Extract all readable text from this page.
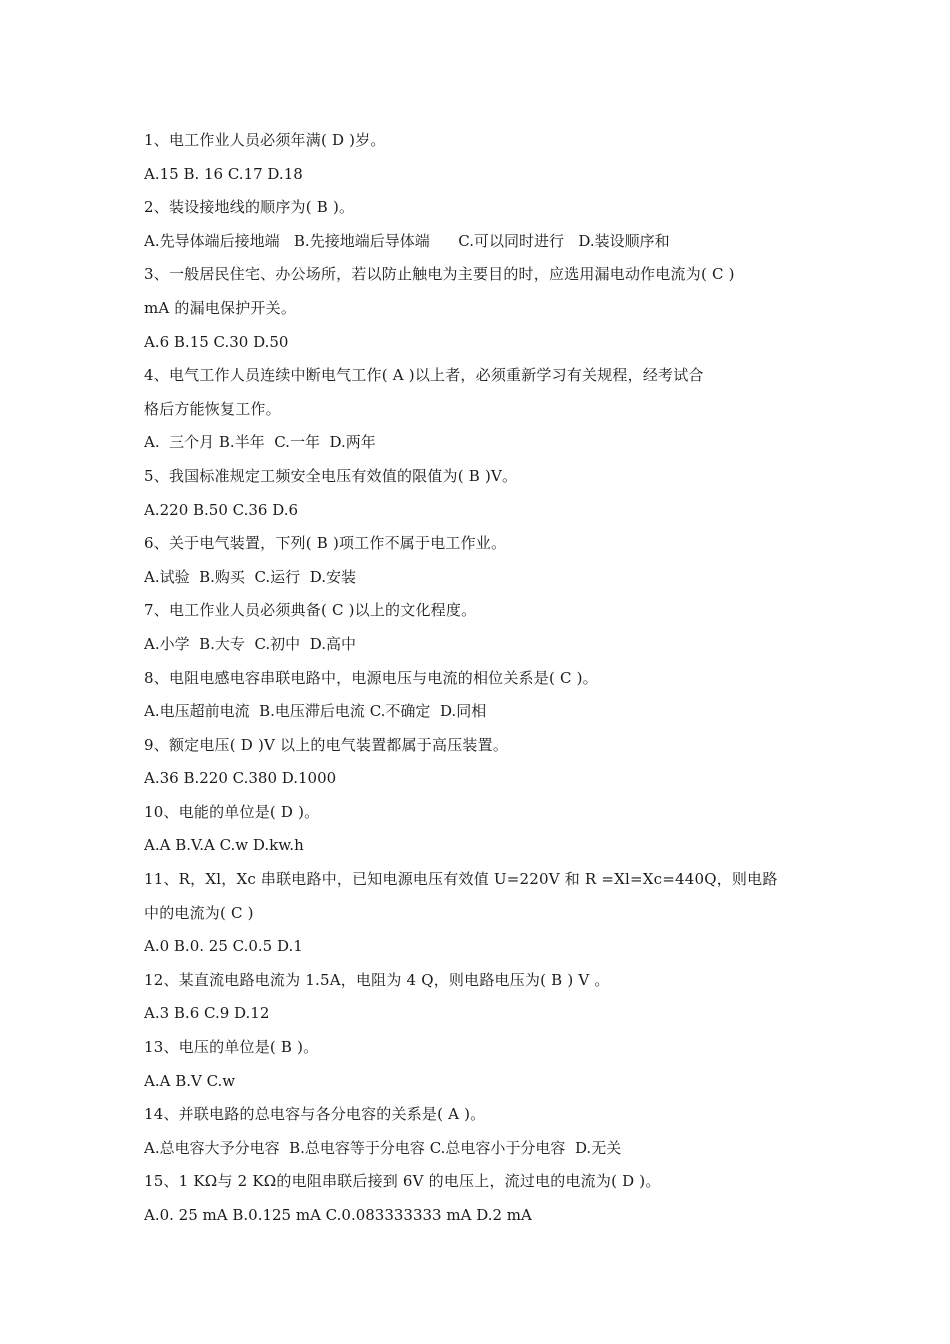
1、电工作业人员必须年满( D )岁。

A.15 B. 16 C.17 D.18

2、装设接地线的顺序为( B )。

A.先导体端后接地端   B.先接地端后导体端      C.可以同时进行   D.装设顺序和

3、一般居民住宅、办公场所，若以防止触电为主要目的时，应选用漏电动作电流为( C )

mA 的漏电保护开关。

A.6 B.15 C.30 D.50

4、电气工作人员连续中断电气工作( A )以上者，必须重新学习有关规程，经考试合

格后方能恢复工作。

A.  三个月 B.半年  C.一年  D.两年

5、我国标准规定工频安全电压有效值的限值为( B )V。

A.220 B.50 C.36 D.6

6、关于电气装置，下列( B )项工作不属于电工作业。

A.试验  B.购买  C.运行  D.安装

7、电工作业人员必须典备( C )以上的文化程度。

A.小学  B.大专  C.初中  D.高中

8、电阻电感电容串联电路中，电源电压与电流的相位关系是( C )。

A.电压超前电流  B.电压滞后电流 C.不确定  D.同相

9、额定电压( D )V 以上的电气装置都属于高压装置。

A.36 B.220 C.380 D.1000

10、电能的单位是( D )。

A.A B.V.A C.w D.kw.h

11、R，Xl，Xc 串联电路中，已知电源电压有效值 U=220V 和 R =Xl=Xc=440Q，则电路

中的电流为( C )

A.0 B.0. 25 C.0.5 D.1

12、某直流电路电流为 1.5A，电阻为 4 Q，则电路电压为( B ) V 。

A.3 B.6 C.9 D.12

13、电压的单位是( B )。

A.A B.V C.w

14、并联电路的总电容与各分电容的关系是( A )。

A.总电容大予分电容  B.总电容等于分电容 C.总电容小于分电容  D.无关

15、1 KΩ与 2 KΩ的电阻串联后接到 6V 的电压上，流过电的电流为( D )。

A.0. 25 mA B.0.125 mA C.0.083333333 mA D.2 mA
